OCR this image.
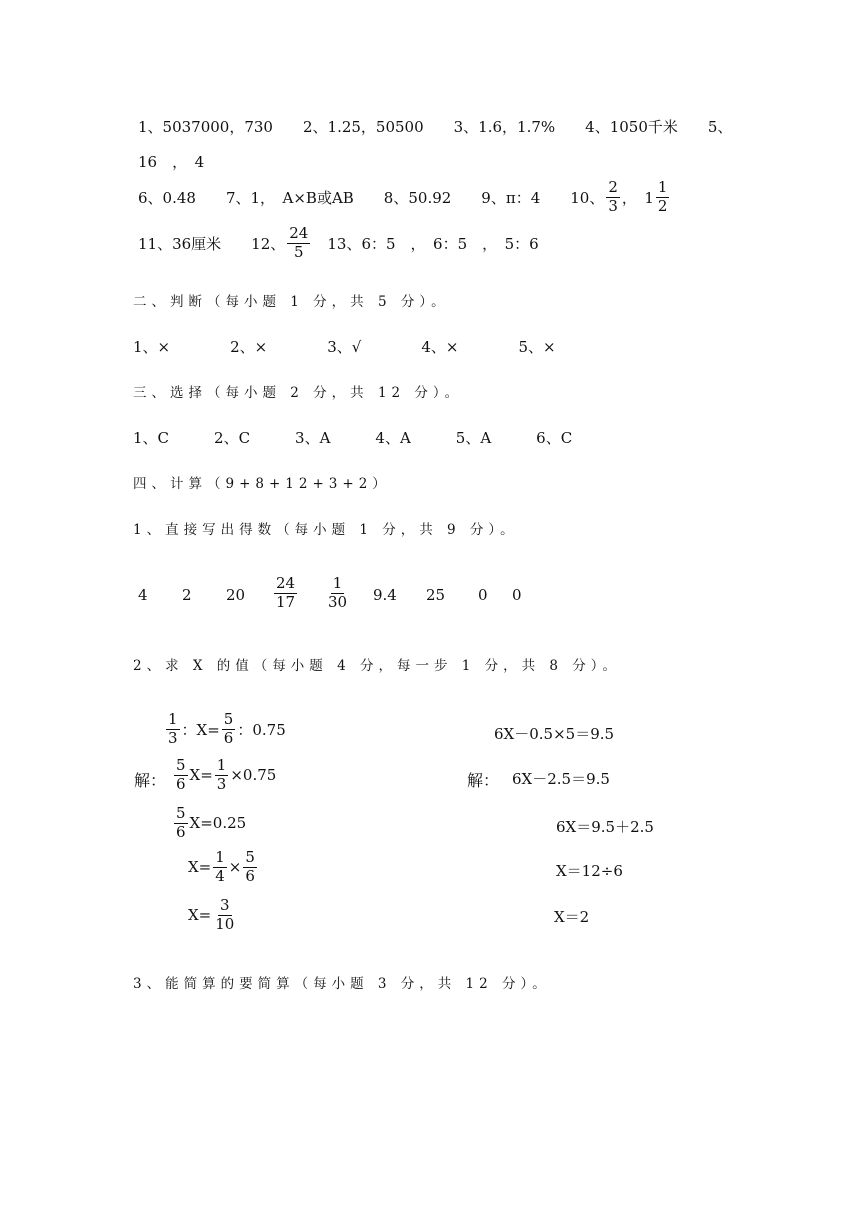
1、5037000，730　　2、1.25，50500　　3、1.6，1.7%　　4、1050千米　　5、
16　，　4
6、0.48　　7、1，　A×B或AB　　8、50.92　　9、π：4　　10、 $\frac{2}{3}$ ，　$1 \frac{1}{2}$
11、36厘米　　12、 $\frac{24}{5}$ 　13、6：5　，　6：5　，　5：6
二、判断（每小题 1 分，共 5 分）。
1、×　　　　2、×　　　　3、√　　　　4、×　　　　5、×
三、选择（每小题 2 分，共 12 分）。
1、C　　　2、C　　　3、A　　　4、A　　　5、A　　　6、C
四、计算（9+8+12+3+2）
1、直接写出得数（每小题 1 分，共 9 分）。
4 2 $20 \frac{24}{17} \frac{1}{30} 9.4$ 25 0 0
2、求 X 的值（每小题 4 分，每一步 1 分，共 8 分）。
$\frac{1}{3}$ ：$X= \frac{5}{6}$ ：0.75
解： $\frac{5}{6} X= \frac{1}{3} \times 0.75$
$\frac{5}{6} X=0.25$
$X= \frac{1}{4} \times \frac{5}{6}$
$X= \frac{3}{10}$
6X－0.5×5＝9.5
解： 6X－2.5＝9.5
6X＝9.5＋2.5
X＝12÷6
X＝2
3、能简算的要简算（每小题 3 分，共 12 分）。
